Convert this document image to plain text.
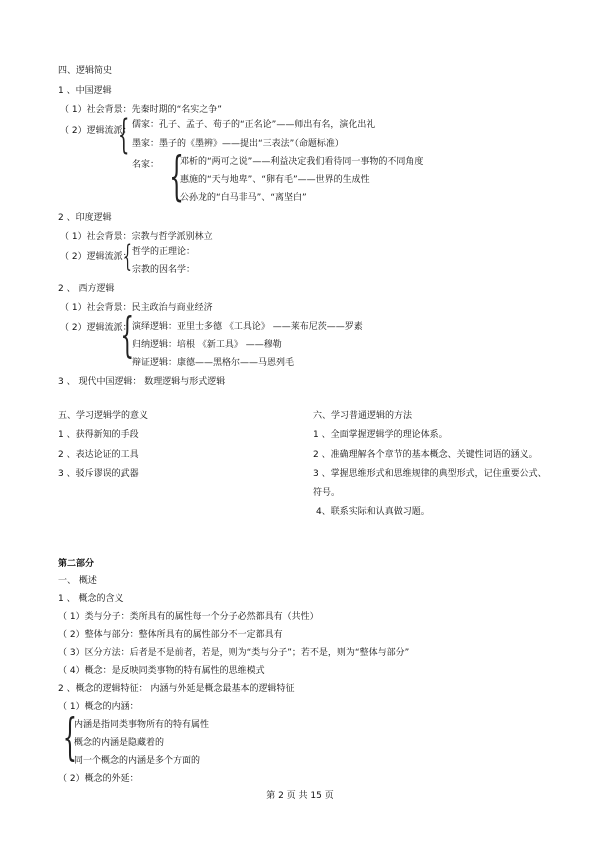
四、逻辑简史
1 、中国逻辑
（ 1）社会背景：先秦时期的“名实之争”
（ 2）逻辑流派：
{ 儒家：孔子、孟子、荀子的“正名论”——师出有名，演化出礼
墨家：墨子的《墨辨》——提出“三表法”（命题标准）
名家： {
邓析的“两可之说”——利益决定我们看待同一事物的不同角度
惠施的“天与地卑”、“卵有毛”——世界的生成性
公孙龙的“白马非马”、“离坚白”
2 、印度逻辑
（ 1）社会背景：宗教与哲学派别林立
（ 2）逻辑流派：
{ 哲学的正理论：
宗教的因名学：
2 、 西方逻辑
（ 1）社会背景：民主政治与商业经济
（ 2）逻辑流派：
{
演绎逻辑：亚里士多德 《工具论》 ——莱布尼茨——罗素
归纳逻辑：培根 《新工具》 ——穆勒
辩证逻辑：康德——黑格尔——马恩列毛
3 、 现代中国逻辑： 数理逻辑与形式逻辑
五、学习逻辑学的意义
1 、获得新知的手段
2 、表达论证的工具
3 、驳斥谬误的武器
六、学习普通逻辑的方法
1 、全面掌握逻辑学的理论体系。
2 、准确理解各个章节的基本概念、关键性词语的涵义。
3 、掌握思维形式和思维规律的典型形式，记住重要公式、
符号。
4、联系实际和认真做习题。
第二部分
一、 概述
1 、 概念的含义
（ 1）类与分子：类所具有的属性每一个分子必然都具有（共性）
（ 2）整体与部分：整体所具有的属性部分不一定都具有
（ 3）区分方法：后者是不是前者，若是，则为“类与分子”；若不是，则为“整体与部分”
（ 4）概念：是反映同类事物的特有属性的思维模式
2 、概念的逻辑特征： 内涵与外延是概念最基本的逻辑特征
（ 1）概念的内涵：
{
内涵是指同类事物所有的特有属性
概念的内涵是隐藏着的
同一个概念的内涵是多个方面的
（ 2）概念的外延：
第 2 页 共 15 页
